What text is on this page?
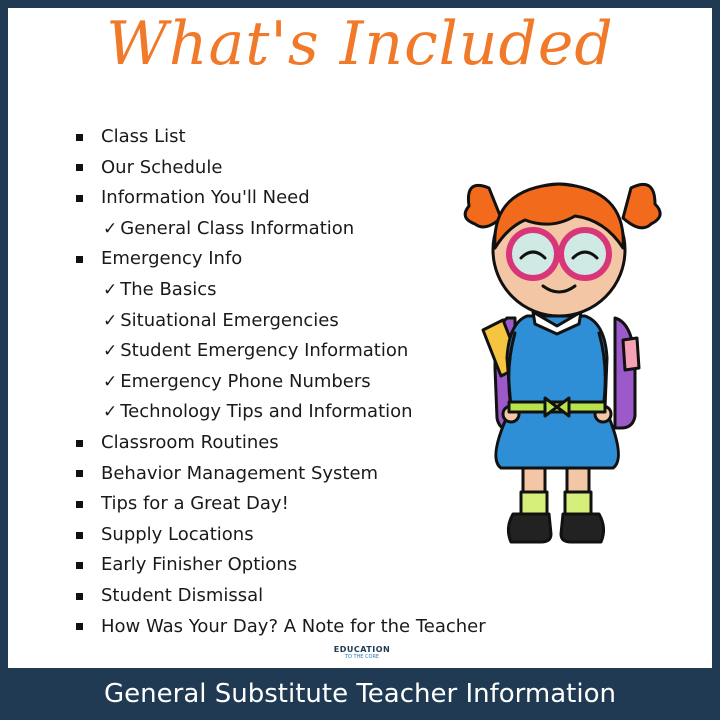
What's Included
Class List
Our Schedule
Information You'll Need
✓ General Class Information
Emergency Info
✓ The Basics
✓ Situational Emergencies
✓ Student Emergency Information
✓ Emergency Phone Numbers
✓ Technology Tips and Information
Classroom Routines
Behavior Management System
Tips for a Great Day!
Supply Locations
Early Finisher Options
Student Dismissal
How Was Your Day? A Note for the Teacher
EDUCATION
TO THE CORE
General Substitute Teacher Information
